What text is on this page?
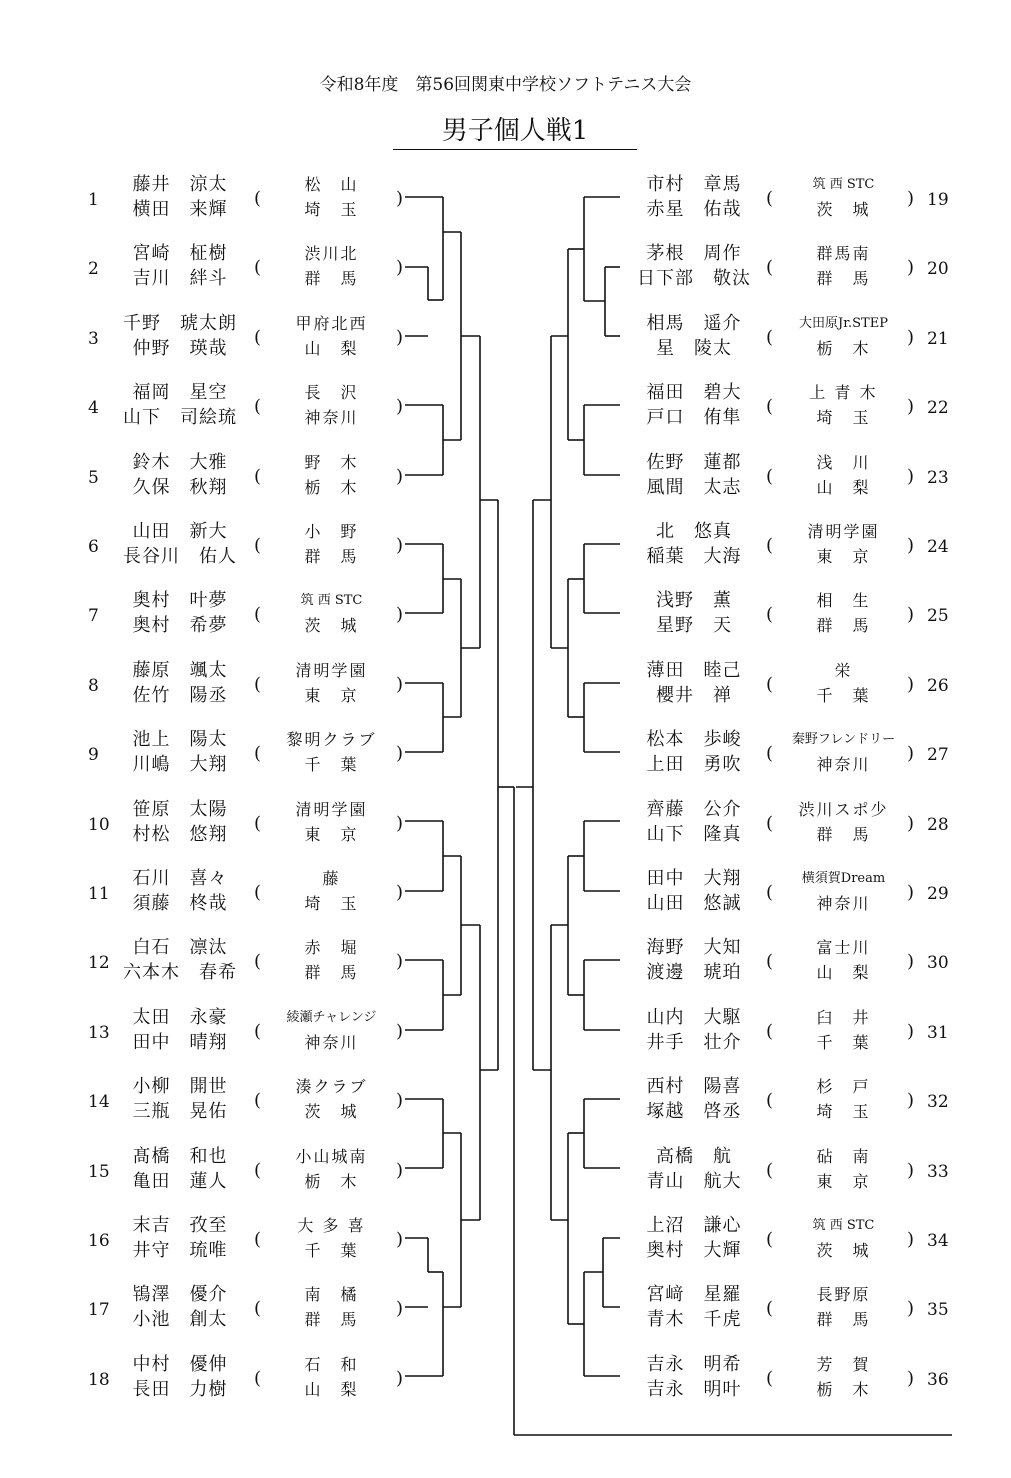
令和8年度　第56回関東中学校ソフトテニス大会
男子個人戦1
1
藤井　涼太
横田　来輝
(
松　山
埼　玉
)
2
宮崎　柾樹
吉川　絆斗
(
渋川北
群　馬
)
3
千野　琥太朗
仲野　瑛哉
(
甲府北西
山　梨
)
4
福岡　星空
山下　司絵琉
(
長　沢
神奈川
)
5
鈴木　大雅
久保　秋翔
(
野　木
栃　木
)
6
山田　新大
長谷川　佑人
(
小　野
群　馬
)
7
奥村　叶夢
奥村　希夢
(
筑 西 STC
茨　城
)
8
藤原　颯太
佐竹　陽丞
(
清明学園
東　京
)
9
池上　陽太
川嶋　大翔
(
黎明クラブ
千　葉
)
10
笹原　太陽
村松　悠翔
(
清明学園
東　京
)
11
石川　喜々
須藤　柊哉
(
藤
埼　玉
)
12
白石　凛汰
六本木　春希
(
赤　堀
群　馬
)
13
太田　永豪
田中　晴翔
(
綾瀬チャレンジ
神奈川
)
14
小柳　開世
三瓶　晃佑
(
湊クラブ
茨　城
)
15
髙橋　和也
亀田　蓮人
(
小山城南
栃　木
)
16
末吉　孜至
井守　琉唯
(
大 多 喜
千　葉
)
17
鴇澤　優介
小池　創太
(
南　橘
群　馬
)
18
中村　優伸
長田　力樹
(
石　和
山　梨
)
19
市村　章馬
赤星　佑哉
(
筑 西 STC
茨　城
)
20
茅根　周作
日下部　敬汰
(
群馬南
群　馬
)
21
相馬　遥介
星　陵太
(
大田原Jr.STEP
栃　木
)
22
福田　碧大
戸口　侑隼
(
上 青 木
埼　玉
)
23
佐野　蓮都
風間　太志
(
浅　川
山　梨
)
24
北　悠真
稲葉　大海
(
清明学園
東　京
)
25
浅野　薫
星野　天
(
相　生
群　馬
)
26
薄田　睦己
櫻井　禅
(
栄
千　葉
)
27
松本　歩峻
上田　勇吹
(
秦野フレンドリー
神奈川
)
28
齊藤　公介
山下　隆真
(
渋川スポ少
群　馬
)
29
田中　大翔
山田　悠誠
(
横須賀Dream
神奈川
)
30
海野　大知
渡邊　琥珀
(
富士川
山　梨
)
31
山内　大駆
井手　壮介
(
臼　井
千　葉
)
32
西村　陽喜
塚越　啓丞
(
杉　戸
埼　玉
)
33
高橋　航
青山　航大
(
砧　南
東　京
)
34
上沼　謙心
奥村　大輝
(
筑 西 STC
茨　城
)
35
宮﨑　星羅
青木　千虎
(
長野原
群　馬
)
36
吉永　明希
吉永　明叶
(
芳　賀
栃　木
)
